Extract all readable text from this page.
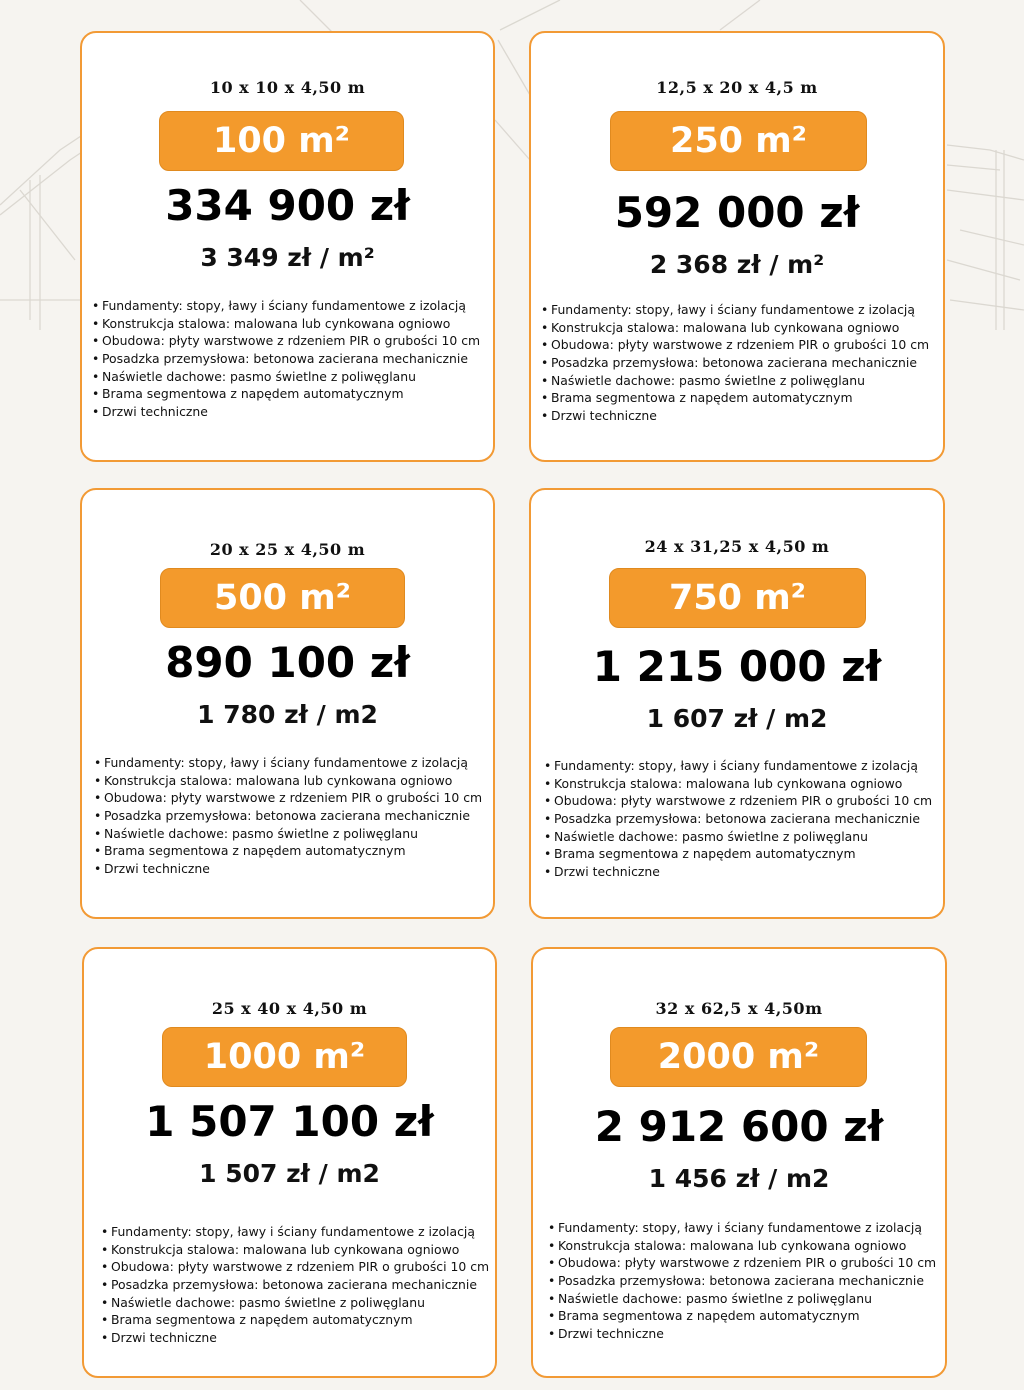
10 x 10 x 4,50 m
100 m²
334 900 zł
3 349 zł / m²
• Fundamenty: stopy, ławy i ściany fundamentowe z izolacją
• Konstrukcja stalowa: malowana lub cynkowana ogniowo
• Obudowa: płyty warstwowe z rdzeniem PIR o grubości 10 cm
• Posadzka przemysłowa: betonowa zacierana mechanicznie
• Naświetle dachowe: pasmo świetlne z poliwęglanu
• Brama segmentowa z napędem automatycznym
• Drzwi techniczne
12,5 x 20 x 4,5 m
250 m²
592 000 zł
2 368 zł / m²
• Fundamenty: stopy, ławy i ściany fundamentowe z izolacją
• Konstrukcja stalowa: malowana lub cynkowana ogniowo
• Obudowa: płyty warstwowe z rdzeniem PIR o grubości 10 cm
• Posadzka przemysłowa: betonowa zacierana mechanicznie
• Naświetle dachowe: pasmo świetlne z poliwęglanu
• Brama segmentowa z napędem automatycznym
• Drzwi techniczne
20 x 25 x 4,50 m
500 m²
890 100 zł
1 780 zł / m2
• Fundamenty: stopy, ławy i ściany fundamentowe z izolacją
• Konstrukcja stalowa: malowana lub cynkowana ogniowo
• Obudowa: płyty warstwowe z rdzeniem PIR o grubości 10 cm
• Posadzka przemysłowa: betonowa zacierana mechanicznie
• Naświetle dachowe: pasmo świetlne z poliwęglanu
• Brama segmentowa z napędem automatycznym
• Drzwi techniczne
24 x 31,25 x 4,50 m
750 m²
1 215 000 zł
1 607 zł / m2
• Fundamenty: stopy, ławy i ściany fundamentowe z izolacją
• Konstrukcja stalowa: malowana lub cynkowana ogniowo
• Obudowa: płyty warstwowe z rdzeniem PIR o grubości 10 cm
• Posadzka przemysłowa: betonowa zacierana mechanicznie
• Naświetle dachowe: pasmo świetlne z poliwęglanu
• Brama segmentowa z napędem automatycznym
• Drzwi techniczne
25 x 40 x 4,50 m
1000 m²
1 507 100 zł
1 507 zł / m2
• Fundamenty: stopy, ławy i ściany fundamentowe z izolacją
• Konstrukcja stalowa: malowana lub cynkowana ogniowo
• Obudowa: płyty warstwowe z rdzeniem PIR o grubości 10 cm
• Posadzka przemysłowa: betonowa zacierana mechanicznie
• Naświetle dachowe: pasmo świetlne z poliwęglanu
• Brama segmentowa z napędem automatycznym
• Drzwi techniczne
32 x 62,5 x 4,50m
2000 m²
2 912 600 zł
1 456 zł / m2
• Fundamenty: stopy, ławy i ściany fundamentowe z izolacją
• Konstrukcja stalowa: malowana lub cynkowana ogniowo
• Obudowa: płyty warstwowe z rdzeniem PIR o grubości 10 cm
• Posadzka przemysłowa: betonowa zacierana mechanicznie
• Naświetle dachowe: pasmo świetlne z poliwęglanu
• Brama segmentowa z napędem automatycznym
• Drzwi techniczne
